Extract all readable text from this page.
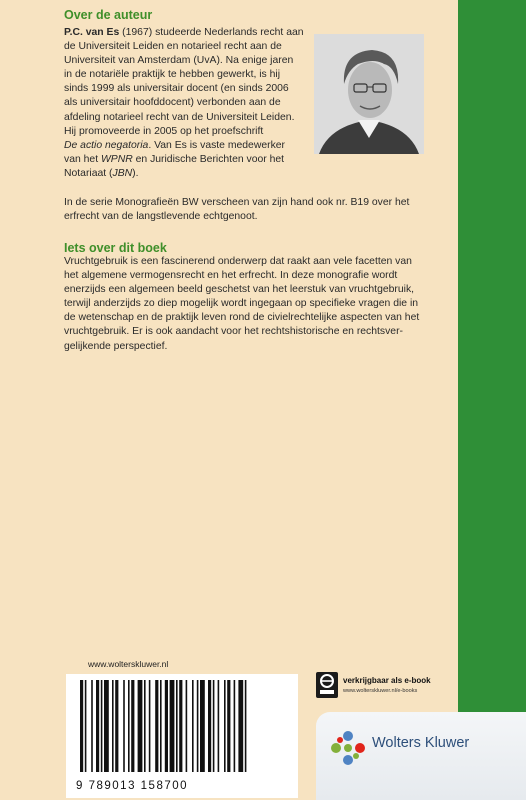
Over de auteur

P.C. van Es (1967) studeerde Nederlands recht aan

de Universiteit Leiden en notarieel recht aan de

Universiteit van Amsterdam (UvA). Na enige jaren

in de notariële praktijk te hebben gewerkt, is hij

sinds 1999 als universitair docent (en sinds 2006

als universitair hoofddocent) verbonden aan de

afdeling notarieel recht van de Universiteit Leiden.

Hij promoveerde in 2005 op het proefschrift

De actio negatoria. Van Es is vaste medewerker

van het WPNR en Juridische Berichten voor het

Notariaat (JBN).

In de serie Monografieën BW verscheen van zijn hand ook nr. B19 over het

erfrecht van de langstlevende echtgenoot.

Iets over dit boek

Vruchtgebruik is een fascinerend onderwerp dat raakt aan vele facetten van

het algemene vermogensrecht en het erfrecht. In deze monografie wordt

enerzijds een algemeen beeld geschetst van het leerstuk van vruchtgebruik,

terwijl anderzijds zo diep mogelijk wordt ingegaan op specifieke vragen die in

de wetenschap en de praktijk leven rond de civielrechtelijke aspecten van het

vruchtgebruik. Er is ook aandacht voor het rechtshistorische en rechtsver-

gelijkende perspectief.

www.wolterskluwer.nl
9 789013 158700
verkrijgbaar als e-book
www.wolterskluwer.nl/e-books
Wolters Kluwer
